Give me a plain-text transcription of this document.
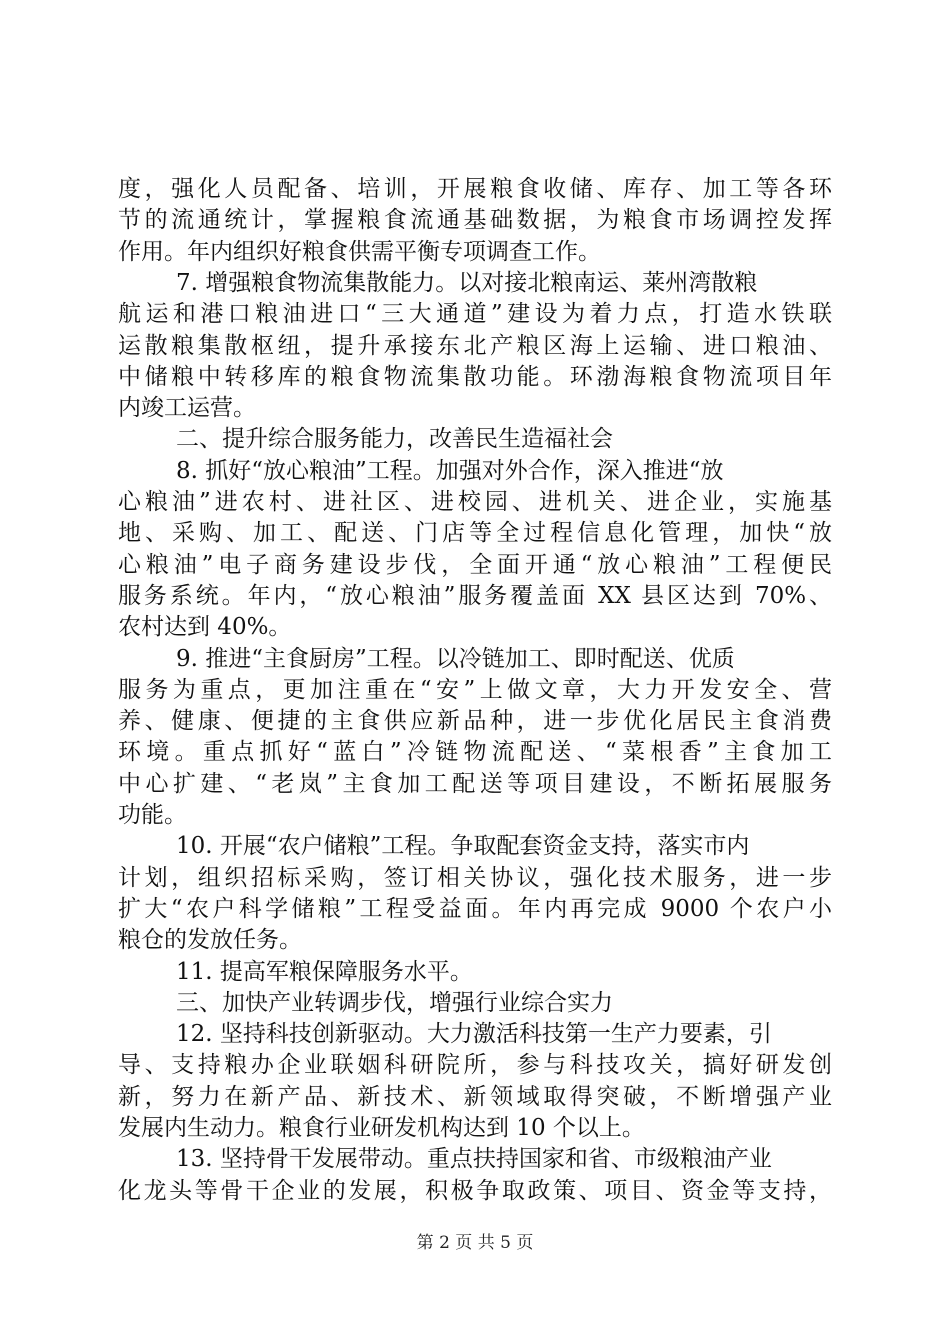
度，强化人员配备、培训，开展粮食收储、库存、加工等各环
节的流通统计，掌握粮食流通基础数据，为粮食市场调控发挥
作用。年内组织好粮食供需平衡专项调查工作。
7. 增强粮食物流集散能力。以对接北粮南运、莱州湾散粮
航运和港口粮油进口“三大通道”建设为着力点，打造水铁联
运散粮集散枢纽，提升承接东北产粮区海上运输、进口粮油、
中储粮中转移库的粮食物流集散功能。环渤海粮食物流项目年
内竣工运营。
二、提升综合服务能力，改善民生造福社会
8. 抓好“放心粮油”工程。加强对外合作，深入推进“放
心粮油”进农村、进社区、进校园、进机关、进企业，实施基
地、采购、加工、配送、门店等全过程信息化管理，加快“放
心粮油”电子商务建设步伐，全面开通“放心粮油”工程便民
服务系统。年内，“放心粮油”服务覆盖面 XX 县区达到 70%、
农村达到 40%。
9. 推进“主食厨房”工程。以冷链加工、即时配送、优质
服务为重点，更加注重在“安”上做文章，大力开发安全、营
养、健康、便捷的主食供应新品种，进一步优化居民主食消费
环境。重点抓好“蓝白”冷链物流配送、“菜根香”主食加工
中心扩建、“老岚”主食加工配送等项目建设，不断拓展服务
功能。
10. 开展“农户储粮”工程。争取配套资金支持，落实市内
计划，组织招标采购，签订相关协议，强化技术服务，进一步
扩大“农户科学储粮”工程受益面。年内再完成 9000 个农户小
粮仓的发放任务。
11. 提高军粮保障服务水平。
三、加快产业转调步伐，增强行业综合实力
12. 坚持科技创新驱动。大力激活科技第一生产力要素，引
导、支持粮办企业联姻科研院所，参与科技攻关，搞好研发创
新，努力在新产品、新技术、新领域取得突破，不断增强产业
发展内生动力。粮食行业研发机构达到 10 个以上。
13. 坚持骨干发展带动。重点扶持国家和省、市级粮油产业
化龙头等骨干企业的发展，积极争取政策、项目、资金等支持，
第 2 页 共 5 页
